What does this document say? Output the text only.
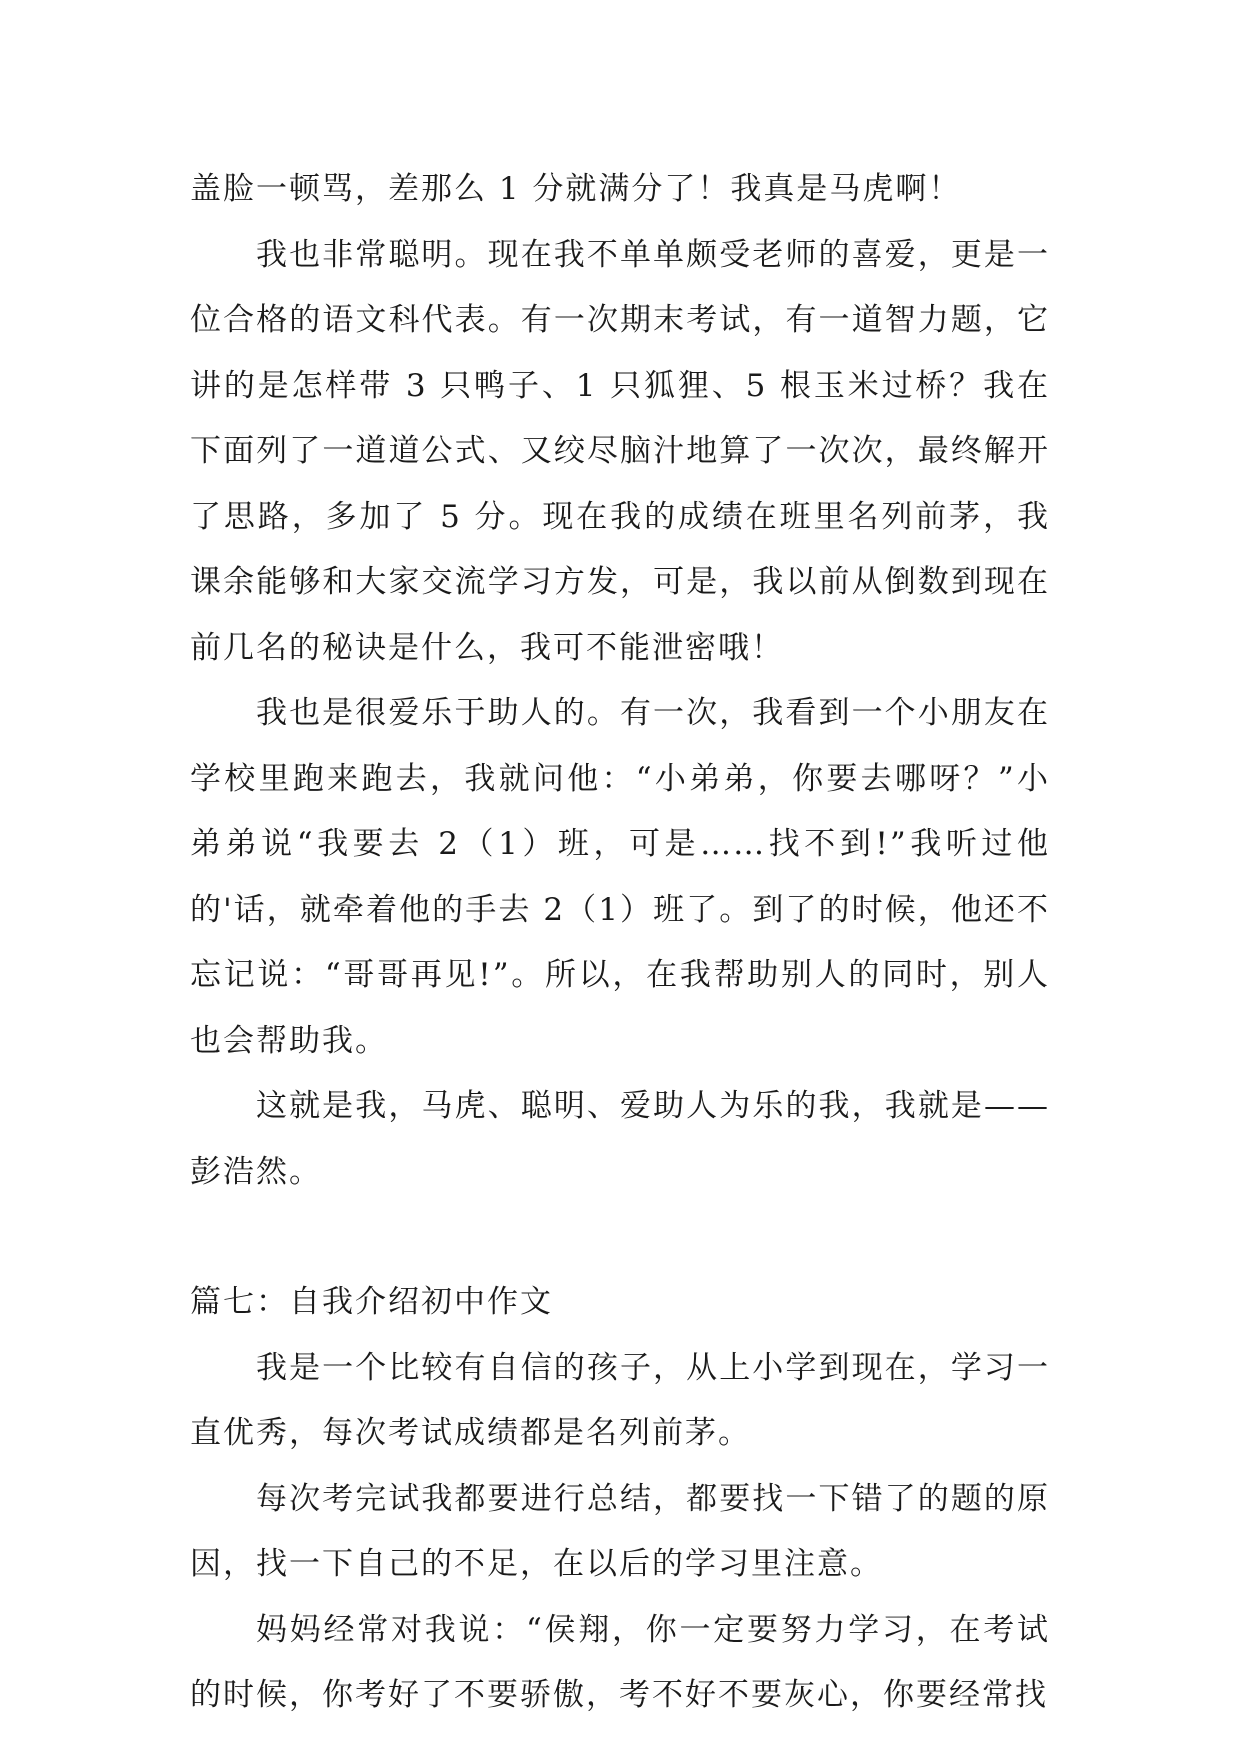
盖脸一顿骂，差那么 1 分就满分了！我真是马虎啊！

我也非常聪明。现在我不单单颇受老师的喜爱，更是一位合格的语文科代表。有一次期末考试，有一道智力题，它讲的是怎样带 3 只鸭子、1 只狐狸、5 根玉米过桥？我在下面列了一道道公式、又绞尽脑汁地算了一次次，最终解开了思路，多加了 5 分。现在我的成绩在班里名列前茅，我课余能够和大家交流学习方发，可是，我以前从倒数到现在前几名的秘诀是什么，我可不能泄密哦！

我也是很爱乐于助人的。有一次，我看到一个小朋友在学校里跑来跑去，我就问他：“小弟弟，你要去哪呀？”小弟弟说“我要去 2（1）班，可是……找不到!”我听过他的'话，就牵着他的手去 2（1）班了。到了的时候，他还不忘记说：“哥哥再见!”。所以，在我帮助别人的同时，别人也会帮助我。

这就是我，马虎、聪明、爱助人为乐的我，我就是——彭浩然。

篇七：自我介绍初中作文

我是一个比较有自信的孩子，从上小学到现在，学习一直优秀，每次考试成绩都是名列前茅。

每次考完试我都要进行总结，都要找一下错了的题的原因，找一下自己的不足，在以后的学习里注意。

妈妈经常对我说：“侯翔，你一定要努力学习，在考试的时候，你考好了不要骄傲，考不好不要灰心，你要经常找
